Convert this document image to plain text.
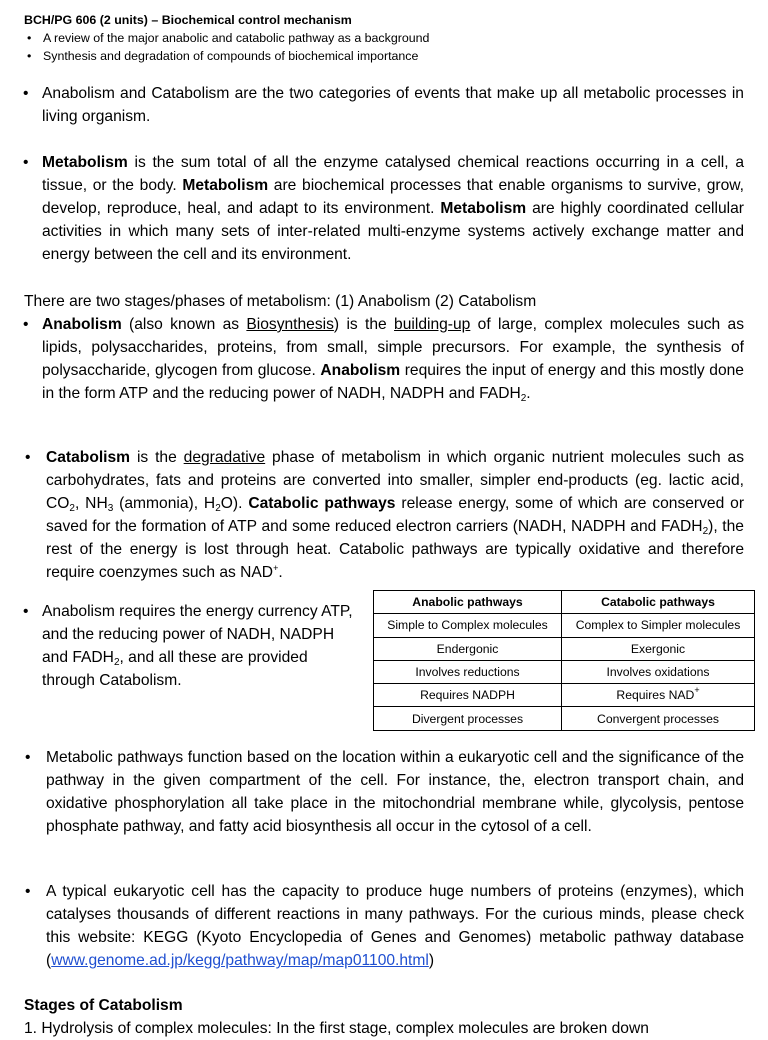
BCH/PG 606 (2 units) – Biochemical control mechanism
• A review of the major anabolic and catabolic pathway as a background
• Synthesis and degradation of compounds of biochemical importance
• Anabolism and Catabolism are the two categories of events that make up all metabolic processes in living organism.
• Metabolism is the sum total of all the enzyme catalysed chemical reactions occurring in a cell, a tissue, or the body. Metabolism are biochemical processes that enable organisms to survive, grow, develop, reproduce, heal, and adapt to its environment. Metabolism are highly coordinated cellular activities in which many sets of inter-related multi-enzyme systems actively exchange matter and energy between the cell and its environment.
There are two stages/phases of metabolism: (1) Anabolism (2) Catabolism
• Anabolism (also known as Biosynthesis) is the building-up of large, complex molecules such as lipids, polysaccharides, proteins, from small, simple precursors. For example, the synthesis of polysaccharide, glycogen from glucose. Anabolism requires the input of energy and this mostly done in the form ATP and the reducing power of NADH, NADPH and $FADH_2$.
• Catabolism is the degradative phase of metabolism in which organic nutrient molecules such as carbohydrates, fats and proteins are converted into smaller, simpler end-products (eg. lactic acid, $CO_2$, $NH_3$ (ammonia), $H_2O$). Catabolic pathways release energy, some of which are conserved or saved for the formation of ATP and some reduced electron carriers (NADH, NADPH and $FADH_2$), the rest of the energy is lost through heat. Catabolic pathways are typically oxidative and therefore require coenzymes such as NAD+.
• Anabolism requires the energy currency ATP, and the reducing power of NADH, NADPH and $FADH_2$, and all these are provided through Catabolism.
Anabolic pathways	Catabolic pathways
Simple to Complex molecules	Complex to Simpler molecules
Endergonic	Exergonic
Involves reductions	Involves oxidations
Requires NADPH	Requires NAD+
Divergent processes	Convergent processes
• Metabolic pathways function based on the location within a eukaryotic cell and the significance of the pathway in the given compartment of the cell. For instance, the, electron transport chain, and oxidative phosphorylation all take place in the mitochondrial membrane while, glycolysis, pentose phosphate pathway, and fatty acid biosynthesis all occur in the cytosol of a cell.
• A typical eukaryotic cell has the capacity to produce huge numbers of proteins (enzymes), which catalyses thousands of different reactions in many pathways. For the curious minds, please check this website: KEGG (Kyoto Encyclopedia of Genes and Genomes) metabolic pathway database (www.genome.ad.jp/kegg/pathway/map/map01100.html)
Stages of Catabolism
1. Hydrolysis of complex molecules: In the first stage, complex molecules are broken down
